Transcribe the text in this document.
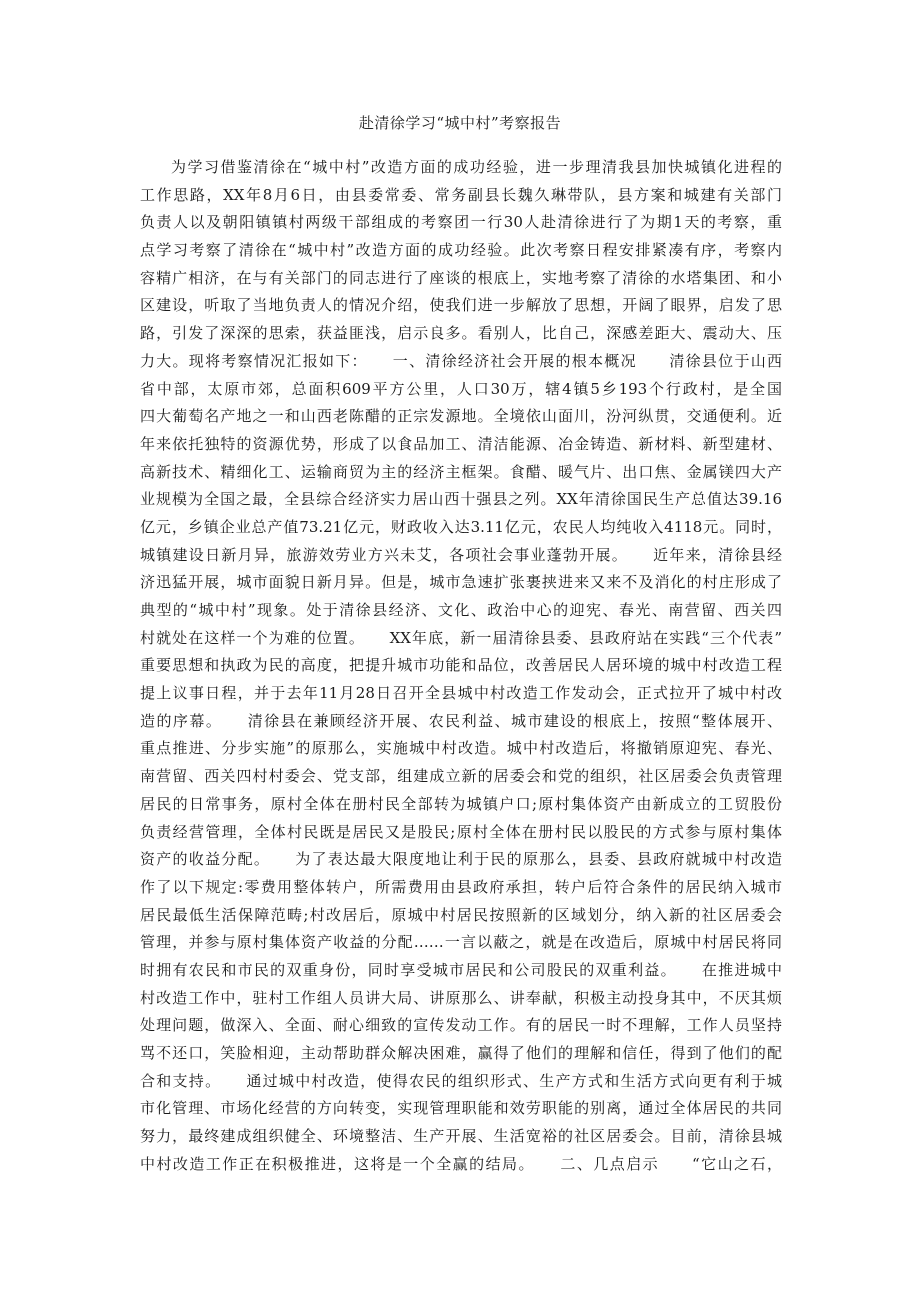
赴清徐学习“城中村”考察报告
为学习借鉴清徐在“城中村”改造方面的成功经验，进一步理清我县加快城镇化进程的
工作思路，XX年8月6日，由县委常委、常务副县长魏久琳带队，县方案和城建有关部门
负责人以及朝阳镇镇村两级干部组成的考察团一行30人赴清徐进行了为期1天的考察，重
点学习考察了清徐在“城中村”改造方面的成功经验。此次考察日程安排紧凑有序，考察内
容精广相济，在与有关部门的同志进行了座谈的根底上，实地考察了清徐的水塔集团、和小
区建设，听取了当地负责人的情况介绍，使我们进一步解放了思想，开阔了眼界，启发了思
路，引发了深深的思索，获益匪浅，启示良多。看别人，比自己，深感差距大、震动大、压
力大。现将考察情况汇报如下：　　一、清徐经济社会开展的根本概况　　清徐县位于山西
省中部，太原市郊，总面积609平方公里，人口30万，辖4镇5乡193个行政村，是全国
四大葡萄名产地之一和山西老陈醋的正宗发源地。全境依山面川，汾河纵贯，交通便利。近
年来依托独特的资源优势，形成了以食品加工、清洁能源、冶金铸造、新材料、新型建材、
高新技术、精细化工、运输商贸为主的经济主框架。食醋、暖气片、出口焦、金属镁四大产
业规模为全国之最，全县综合经济实力居山西十强县之列。XX年清徐国民生产总值达39.16
亿元，乡镇企业总产值73.21亿元，财政收入达3.11亿元，农民人均纯收入4118元。同时，
城镇建设日新月异，旅游效劳业方兴未艾，各项社会事业蓬勃开展。　　近年来，清徐县经
济迅猛开展，城市面貌日新月异。但是，城市急速扩张裹挟进来又来不及消化的村庄形成了
典型的“城中村”现象。处于清徐县经济、文化、政治中心的迎宪、春光、南营留、西关四
村就处在这样一个为难的位置。　　XX年底，新一届清徐县委、县政府站在实践“三个代表”
重要思想和执政为民的高度，把提升城市功能和品位，改善居民人居环境的城中村改造工程
提上议事日程，并于去年11月28日召开全县城中村改造工作发动会，正式拉开了城中村改
造的序幕。　　清徐县在兼顾经济开展、农民利益、城市建设的根底上，按照“整体展开、
重点推进、分步实施”的原那么，实施城中村改造。城中村改造后，将撤销原迎宪、春光、
南营留、西关四村村委会、党支部，组建成立新的居委会和党的组织，社区居委会负责管理
居民的日常事务，原村全体在册村民全部转为城镇户口;原村集体资产由新成立的工贸股份
负责经营管理，全体村民既是居民又是股民;原村全体在册村民以股民的方式参与原村集体
资产的收益分配。　　为了表达最大限度地让利于民的原那么，县委、县政府就城中村改造
作了以下规定:零费用整体转户，所需费用由县政府承担，转户后符合条件的居民纳入城市
居民最低生活保障范畴;村改居后，原城中村居民按照新的区域划分，纳入新的社区居委会
管理，并参与原村集体资产收益的分配……一言以蔽之，就是在改造后，原城中村居民将同
时拥有农民和市民的双重身份，同时享受城市居民和公司股民的双重利益。　　在推进城中
村改造工作中，驻村工作组人员讲大局、讲原那么、讲奉献，积极主动投身其中，不厌其烦
处理问题，做深入、全面、耐心细致的宣传发动工作。有的居民一时不理解，工作人员坚持
骂不还口，笑脸相迎，主动帮助群众解决困难，赢得了他们的理解和信任，得到了他们的配
合和支持。　　通过城中村改造，使得农民的组织形式、生产方式和生活方式向更有利于城
市化管理、市场化经营的方向转变，实现管理职能和效劳职能的别离，通过全体居民的共同
努力，最终建成组织健全、环境整洁、生产开展、生活宽裕的社区居委会。目前，清徐县城
中村改造工作正在积极推进，这将是一个全赢的结局。　　二、几点启示　　“它山之石，
